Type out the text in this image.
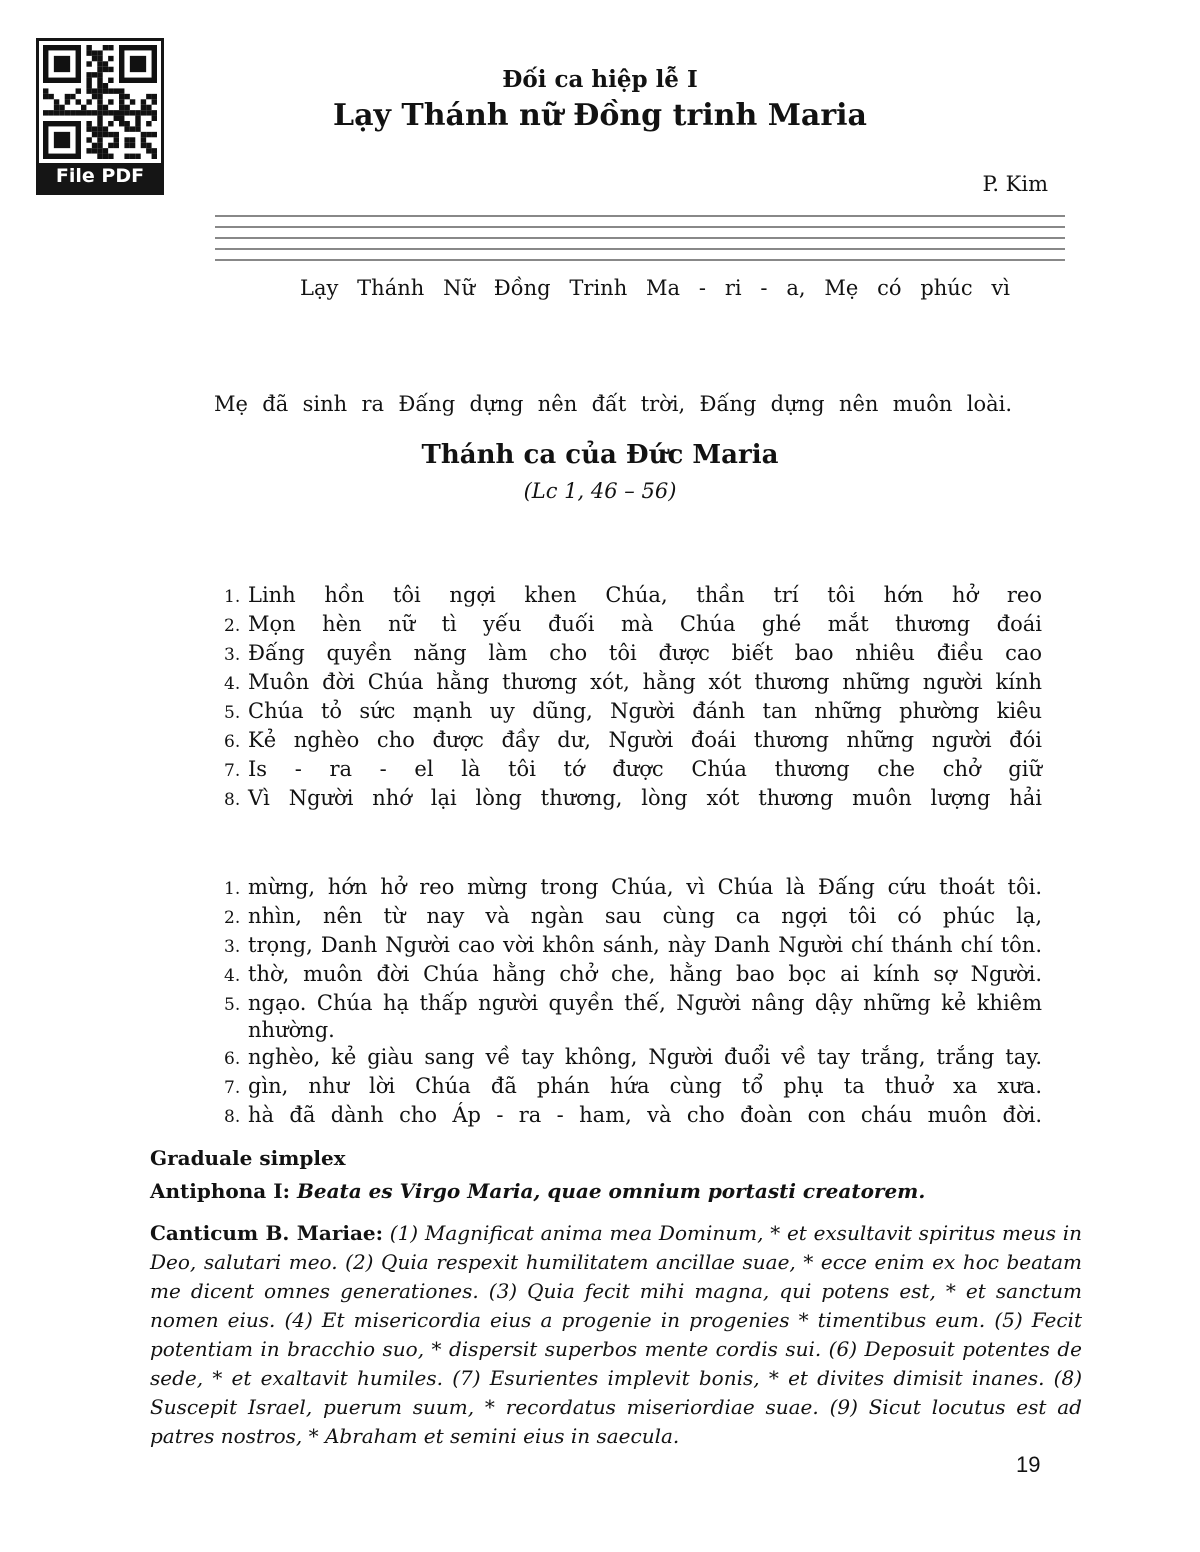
File PDF
Đối ca hiệp lễ I
Lạy Thánh nữ Đồng trinh Maria
P. Kim
Lạy Thánh Nữ Đồng Trinh Ma - ri - a, Mẹ có phúc vì
Mẹ đã sinh ra Đấng dựng nên đất trời, Đấng dựng nên muôn loài.
Thánh ca của Đức Maria
(Lc 1, 46 – 56)
1. Linh hồn tôi ngợi khen Chúa, thần trí tôi hớn hở reo
2. Mọn hèn nữ tì yếu đuối mà Chúa ghé mắt thương đoái
3. Đấng quyền năng làm cho tôi được biết bao nhiêu điều cao
4. Muôn đời Chúa hằng thương xót, hằng xót thương những người kính
5. Chúa tỏ sức mạnh uy dũng, Người đánh tan những phường kiêu
6. Kẻ nghèo cho được đầy dư, Người đoái thương những người đói
7. Is - ra - el là tôi tớ được Chúa thương che chở giữ
8. Vì Người nhớ lại lòng thương, lòng xót thương muôn lượng hải
1. mừng, hớn hở reo mừng trong Chúa, vì Chúa là Đấng cứu thoát tôi.
2. nhìn, nên từ nay và ngàn sau cùng ca ngợi tôi có phúc lạ,
3. trọng, Danh Người cao vời khôn sánh, này Danh Người chí thánh chí tôn.
4. thờ, muôn đời Chúa hằng chở che, hằng bao bọc ai kính sợ Người.
5. ngạo. Chúa hạ thấp người quyền thế, Người nâng dậy những kẻ khiêm nhường.
6. nghèo, kẻ giàu sang về tay không, Người đuổi về tay trắng, trắng tay.
7. gìn, như lời Chúa đã phán hứa cùng tổ phụ ta thuở xa xưa.
8. hà đã dành cho Áp - ra - ham, và cho đoàn con cháu muôn đời.

Graduale simplex

Antiphona I: Beata es Virgo Maria, quae omnium portasti creatorem.

Canticum B. Mariae: (1) Magnificat anima mea Dominum, * et exsultavit spiritus meus in Deo, salutari meo. (2) Quia respexit humilitatem ancillae suae, * ecce enim ex hoc beatam me dicent omnes generationes. (3) Quia fecit mihi magna, qui potens est, * et sanctum nomen eius. (4) Et misericordia eius a progenie in progenies * timentibus eum. (5) Fecit potentiam in bracchio suo, * dispersit superbos mente cordis sui. (6) Deposuit potentes de sede, * et exaltavit humiles. (7) Esurientes implevit bonis, * et divites dimisit inanes. (8) Suscepit Israel, puerum suum, * recordatus miseriordiae suae. (9) Sicut locutus est ad patres nostros, * Abraham et semini eius in saecula.

19
